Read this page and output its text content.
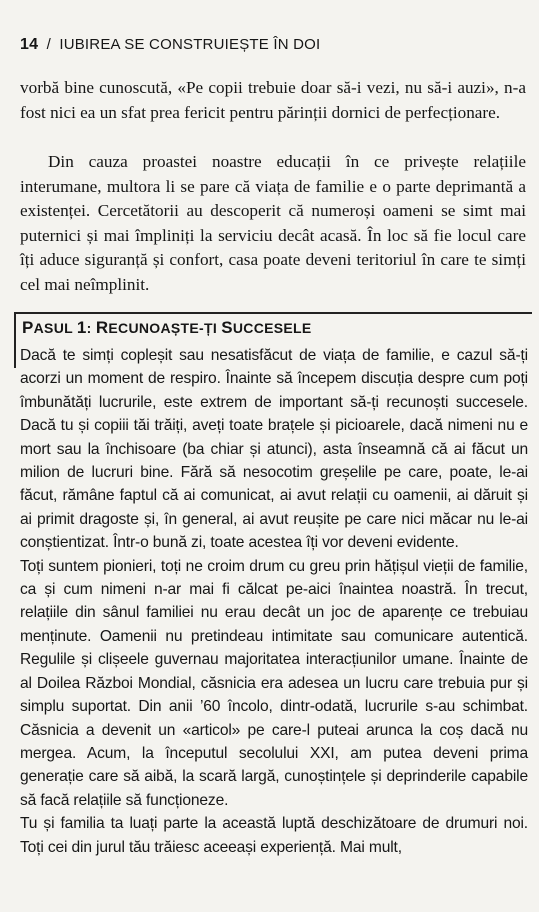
14 / IUBIREA SE CONSTRUIEȘTE ÎN DOI

vorbă bine cunoscută, «Pe copii trebuie doar să-i vezi, nu să-i auzi», n-a fost nici ea un sfat prea fericit pentru părinții dornici de perfecționare.

Din cauza proastei noastre educații în ce privește relațiile interumane, multora li se pare că viața de familie e o parte deprimantă a existenței. Cercetătorii au descoperit că numeroși oameni se simt mai puternici și mai împliniți la serviciu decât acasă. În loc să fie locul care îți aduce siguranță și confort, casa poate deveni teritoriul în care te simți cel mai neîmplinit.

PASUL 1: RECUNOAȘTE-ȚI SUCCESELE

Dacă te simți copleșit sau nesatisfăcut de viața de familie, e cazul să-ți acorzi un moment de respiro. Înainte să începem discuția despre cum poți îmbunătăți lucrurile, este extrem de important să-ți recunoști succesele. Dacă tu și copiii tăi trăiți, aveți toate brațele și picioarele, dacă nimeni nu e mort sau la închisoare (ba chiar și atunci), asta înseamnă că ai făcut un milion de lucruri bine. Fără să nesocotim greșelile pe care, poate, le-ai făcut, rămâne faptul că ai comunicat, ai avut relații cu oamenii, ai dăruit și ai primit dragoste și, în general, ai avut reușite pe care nici măcar nu le-ai conștientizat. Într-o bună zi, toate acestea îți vor deveni evidente.

Toți suntem pionieri, toți ne croim drum cu greu prin hățișul vieții de familie, ca și cum nimeni n-ar mai fi călcat pe-aici înaintea noastră. În trecut, relațiile din sânul familiei nu erau decât un joc de aparențe ce trebuiau menținute. Oamenii nu pretindeau intimitate sau comunicare autentică. Regulile și clișeele guvernau majoritatea interacțiunilor umane. Înainte de al Doilea Război Mondial, căsnicia era adesea un lucru care trebuia pur și simplu suportat. Din anii ’60 încolo, dintr-odată, lucrurile s-au schimbat. Căsnicia a devenit un «articol» pe care-l puteai arunca la coș dacă nu mergea. Acum, la începutul secolului XXI, am putea deveni prima generație care să aibă, la scară largă, cunoștințele și deprinderile capabile să facă relațiile să funcționeze.

Tu și familia ta luați parte la această luptă deschizătoare de drumuri noi. Toți cei din jurul tău trăiesc aceeași experiență. Mai mult,
